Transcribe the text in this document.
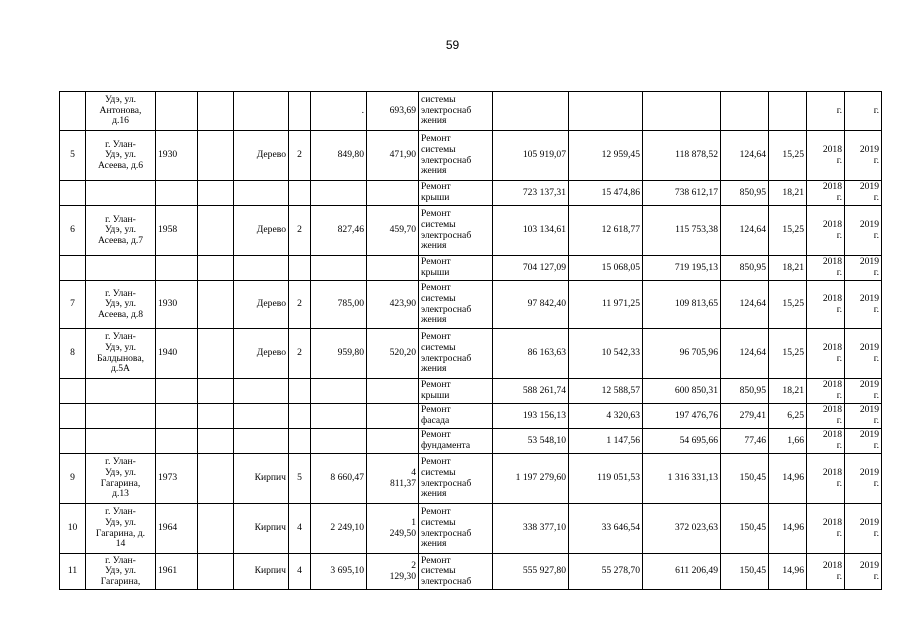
59

	Удэ, ул.
Антонова,
д.16					.	693,69	системы
электроснаб
жения						г.	г.

5	г. Улан-
Удэ, ул.
Асеева, д.6	1930		Дерево	2	849,80	471,90	Ремонт
системы
электроснаб
жения	105 919,07	12 959,45	118 878,52	124,64	15,25	2018
г.	2019
г.

								Ремонт
крыши	723 137,31	15 474,86	738 612,17	850,95	18,21	2018
г.	2019
г.

6	г. Улан-
Удэ, ул.
Асеева, д.7	1958		Дерево	2	827,46	459,70	Ремонт
системы
электроснаб
жения	103 134,61	12 618,77	115 753,38	124,64	15,25	2018
г.	2019
г.

								Ремонт
крыши	704 127,09	15 068,05	719 195,13	850,95	18,21	2018
г.	2019
г.

7	г. Улан-
Удэ, ул.
Асеева, д.8	1930		Дерево	2	785,00	423,90	Ремонт
системы
электроснаб
жения	97 842,40	11 971,25	109 813,65	124,64	15,25	2018
г.	2019
г.

8	г. Улан-
Удэ, ул.
Балдынова,
д.5А	1940		Дерево	2	959,80	520,20	Ремонт
системы
электроснаб
жения	86 163,63	10 542,33	96 705,96	124,64	15,25	2018
г.	2019
г.

								Ремонт
крыши	588 261,74	12 588,57	600 850,31	850,95	18,21	2018
г.	2019
г.

								Ремонт
фасада	193 156,13	4 320,63	197 476,76	279,41	6,25	2018
г.	2019
г.

								Ремонт
фундамента	53 548,10	1 147,56	54 695,66	77,46	1,66	2018
г.	2019
г.

9	г. Улан-
Удэ, ул.
Гагарина,
д.13	1973		Кирпич	5	8 660,47	4
811,37	Ремонт
системы
электроснаб
жения	1 197 279,60	119 051,53	1 316 331,13	150,45	14,96	2018
г.	2019
г.

10	г. Улан-
Удэ, ул.
Гагарина, д.
14	1964		Кирпич	4	2 249,10	1
249,50	Ремонт
системы
электроснаб
жения	338 377,10	33 646,54	372 023,63	150,45	14,96	2018
г.	2019
г.

11	г. Улан-
Удэ, ул.
Гагарина,	1961		Кирпич	4	3 695,10	2
129,30	Ремонт
системы
электроснаб	555 927,80	55 278,70	611 206,49	150,45	14,96	2018
г.	2019
г.
